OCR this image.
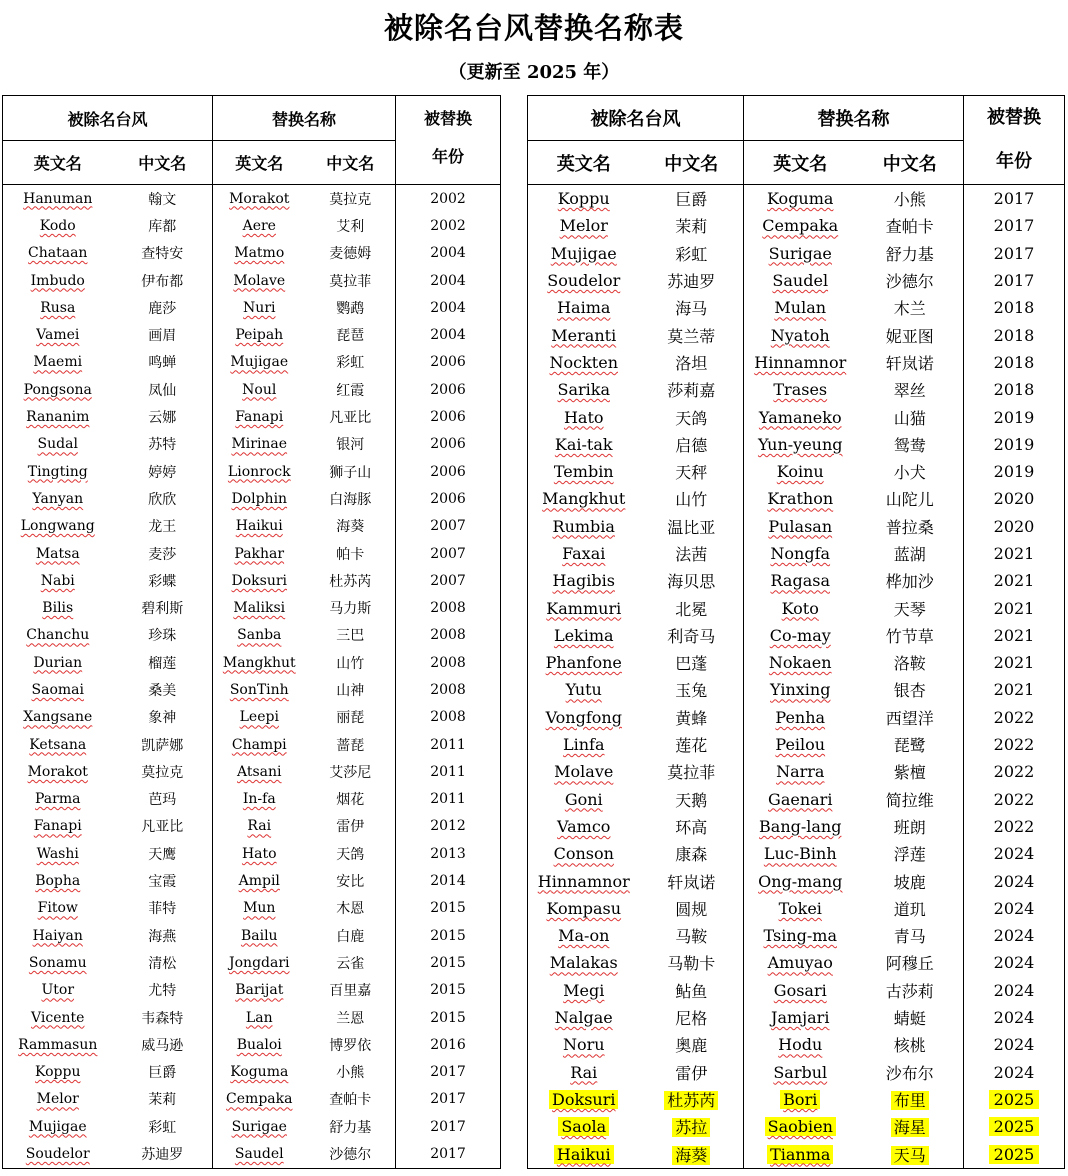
被除名台风替换名称表
（更新至 2025 年）
被除名台风		替换名称		被替换
年份
英文名	中文名	英文名	中文名	
Hanuman	翰文	Morakot	莫拉克	2002
Kodo	库都	Aere	艾利	2002
Chataan	查特安	Matmo	麦德姆	2004
Imbudo	伊布都	Molave	莫拉菲	2004
Rusa	鹿莎	Nuri	鹦鹉	2004
Vamei	画眉	Peipah	琵琶	2004
Maemi	鸣蝉	Mujigae	彩虹	2006
Pongsona	凤仙	Noul	红霞	2006
Rananim	云娜	Fanapi	凡亚比	2006
Sudal	苏特	Mirinae	银河	2006
Tingting	婷婷	Lionrock	狮子山	2006
Yanyan	欣欣	Dolphin	白海豚	2006
Longwang	龙王	Haikui	海葵	2007
Matsa	麦莎	Pakhar	帕卡	2007
Nabi	彩蝶	Doksuri	杜苏芮	2007
Bilis	碧利斯	Maliksi	马力斯	2008
Chanchu	珍珠	Sanba	三巴	2008
Durian	榴莲	Mangkhut	山竹	2008
Saomai	桑美	SonTinh	山神	2008
Xangsane	象神	Leepi	丽琵	2008
Ketsana	凯萨娜	Champi	蔷琵	2011
Morakot	莫拉克	Atsani	艾莎尼	2011
Parma	芭玛	In-fa	烟花	2011
Fanapi	凡亚比	Rai	雷伊	2012
Washi	天鹰	Hato	天鸽	2013
Bopha	宝霞	Ampil	安比	2014
Fitow	菲特	Mun	木恩	2015
Haiyan	海燕	Bailu	白鹿	2015
Sonamu	清松	Jongdari	云雀	2015
Utor	尤特	Barijat	百里嘉	2015
Vicente	韦森特	Lan	兰恩	2015
Rammasun	威马逊	Bualoi	博罗依	2016
Koppu	巨爵	Koguma	小熊	2017
Melor	茉莉	Cempaka	查帕卡	2017
Mujigae	彩虹	Surigae	舒力基	2017
Soudelor	苏迪罗	Saudel	沙德尔	2017
被除名台风		替换名称		被替换
年份
英文名	中文名	英文名	中文名	
Koppu	巨爵	Koguma	小熊	2017
Melor	茉莉	Cempaka	查帕卡	2017
Mujigae	彩虹	Surigae	舒力基	2017
Soudelor	苏迪罗	Saudel	沙德尔	2017
Haima	海马	Mulan	木兰	2018
Meranti	莫兰蒂	Nyatoh	妮亚图	2018
Nockten	洛坦	Hinnamnor	轩岚诺	2018
Sarika	莎莉嘉	Trases	翠丝	2018
Hato	天鸽	Yamaneko	山猫	2019
Kai-tak	启德	Yun-yeung	鸳鸯	2019
Tembin	天秤	Koinu	小犬	2019
Mangkhut	山竹	Krathon	山陀儿	2020
Rumbia	温比亚	Pulasan	普拉桑	2020
Faxai	法茜	Nongfa	蓝湖	2021
Hagibis	海贝思	Ragasa	桦加沙	2021
Kammuri	北冕	Koto	天琴	2021
Lekima	利奇马	Co-may	竹节草	2021
Phanfone	巴蓬	Nokaen	洛鞍	2021
Yutu	玉兔	Yinxing	银杏	2021
Vongfong	黄蜂	Penha	西望洋	2022
Linfa	莲花	Peilou	琵鹭	2022
Molave	莫拉菲	Narra	紫檀	2022
Goni	天鹅	Gaenari	简拉维	2022
Vamco	环高	Bang-lang	班朗	2022
Conson	康森	Luc-Binh	浮莲	2024
Hinnamnor	轩岚诺	Ong-mang	坡鹿	2024
Kompasu	圆规	Tokei	道玑	2024
Ma-on	马鞍	Tsing-ma	青马	2024
Malakas	马勒卡	Amuyao	阿穆丘	2024
Megi	鲇鱼	Gosari	古莎莉	2024
Nalgae	尼格	Jamjari	蜻蜓	2024
Noru	奥鹿	Hodu	核桃	2024
Rai	雷伊	Sarbul	沙布尔	2024
Doksuri	杜苏芮	Bori	布里	2025
Saola	苏拉	Saobien	海星	2025
Haikui	海葵	Tianma	天马	2025
